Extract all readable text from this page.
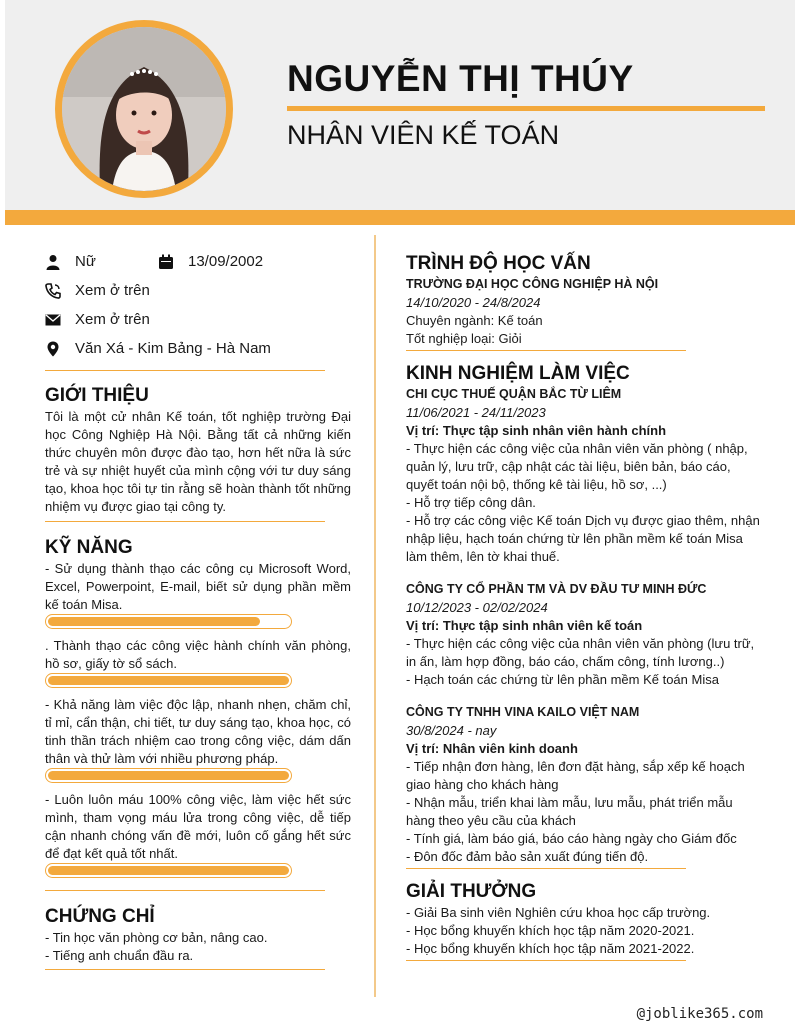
NGUYỄN THỊ THÚY
NHÂN VIÊN KẾ TOÁN
Nữ	13/09/2002
Xem ở trên
Xem ở trên
Văn Xá - Kim Bảng - Hà Nam
GIỚI THIỆU
Tôi là một cử nhân Kế toán, tốt nghiệp trường Đại học Công Nghiệp Hà Nội. Bằng tất cả những kiến thức chuyên môn được đào tạo, hơn hết nữa là sức trẻ và sự nhiệt huyết của mình cộng với tư duy sáng tạo, khoa học tôi tự tin rằng sẽ hoàn thành tốt những nhiệm vụ được giao tại công ty.
KỸ NĂNG
- Sử dụng thành thạo các công cụ Microsoft Word, Excel, Powerpoint, E-mail, biết sử dụng phần mềm kế toán Misa.
. Thành thạo các công việc hành chính văn phòng, hồ sơ, giấy tờ sổ sách.
- Khả năng làm việc độc lập, nhanh nhẹn, chăm chỉ, tỉ mỉ, cẩn thận, chi tiết, tư duy sáng tạo, khoa học, có tinh thần trách nhiệm cao trong công việc, dám dấn thân và thử làm với nhiều phương pháp.
- Luôn luôn máu 100% công việc, làm việc hết sức mình, tham vọng máu lửa trong công việc, dễ tiếp cận nhanh chóng vấn đề mới, luôn cố gắng hết sức để đạt kết quả tốt nhất.
CHỨNG CHỈ
- Tin học văn phòng cơ bản, nâng cao.
- Tiếng anh chuẩn đầu ra.
TRÌNH ĐỘ HỌC VẤN
TRƯỜNG ĐẠI HỌC CÔNG NGHIỆP HÀ NỘI
14/10/2020 - 24/8/2024
Chuyên ngành: Kế toán
Tốt nghiệp loại: Giỏi
KINH NGHIỆM LÀM VIỆC
CHI CỤC THUẾ QUẬN BẮC TỪ LIÊM
11/06/2021 - 24/11/2023
Vị trí: Thực tập sinh nhân viên hành chính
- Thực hiện các công việc của nhân viên văn phòng ( nhập,
quản lý, lưu trữ, cập nhật các tài liệu, biên bản, báo cáo,
quyết toán nội bộ, thống kê tài liệu, hồ sơ, ...)
- Hỗ trợ tiếp công dân.
- Hỗ trợ các công việc Kế toán Dịch vụ được giao thêm, nhận
nhập liệu, hạch toán chứng từ lên phần mềm kế toán Misa
làm thêm, lên tờ khai thuế.
CÔNG TY CỔ PHẦN TM VÀ DV ĐẦU TƯ MINH ĐỨC
10/12/2023 - 02/02/2024
Vị trí: Thực tập sinh nhân viên kế toán
- Thực hiện các công việc của nhân viên văn phòng (lưu trữ,
in ấn, làm hợp đồng, báo cáo, chấm công, tính lương..)
- Hạch toán các chứng từ lên phần mềm Kế toán Misa
CÔNG TY TNHH VINA KAILO VIỆT NAM
30/8/2024 - nay
Vị trí: Nhân viên kinh doanh
- Tiếp nhận đơn hàng, lên đơn đặt hàng, sắp xếp kế hoạch
giao hàng cho khách hàng
- Nhận mẫu, triển khai làm mẫu, lưu mẫu, phát triển mẫu
hàng theo yêu cầu của khách
- Tính giá, làm báo giá, báo cáo hàng ngày cho Giám đốc
- Đôn đốc đảm bảo sản xuất đúng tiến độ.
GIẢI THƯỞNG
- Giải Ba sinh viên Nghiên cứu khoa học cấp trường.
- Học bổng khuyến khích học tập năm 2020-2021.
- Học bổng khuyến khích học tập năm 2021-2022.
@joblike365.com
